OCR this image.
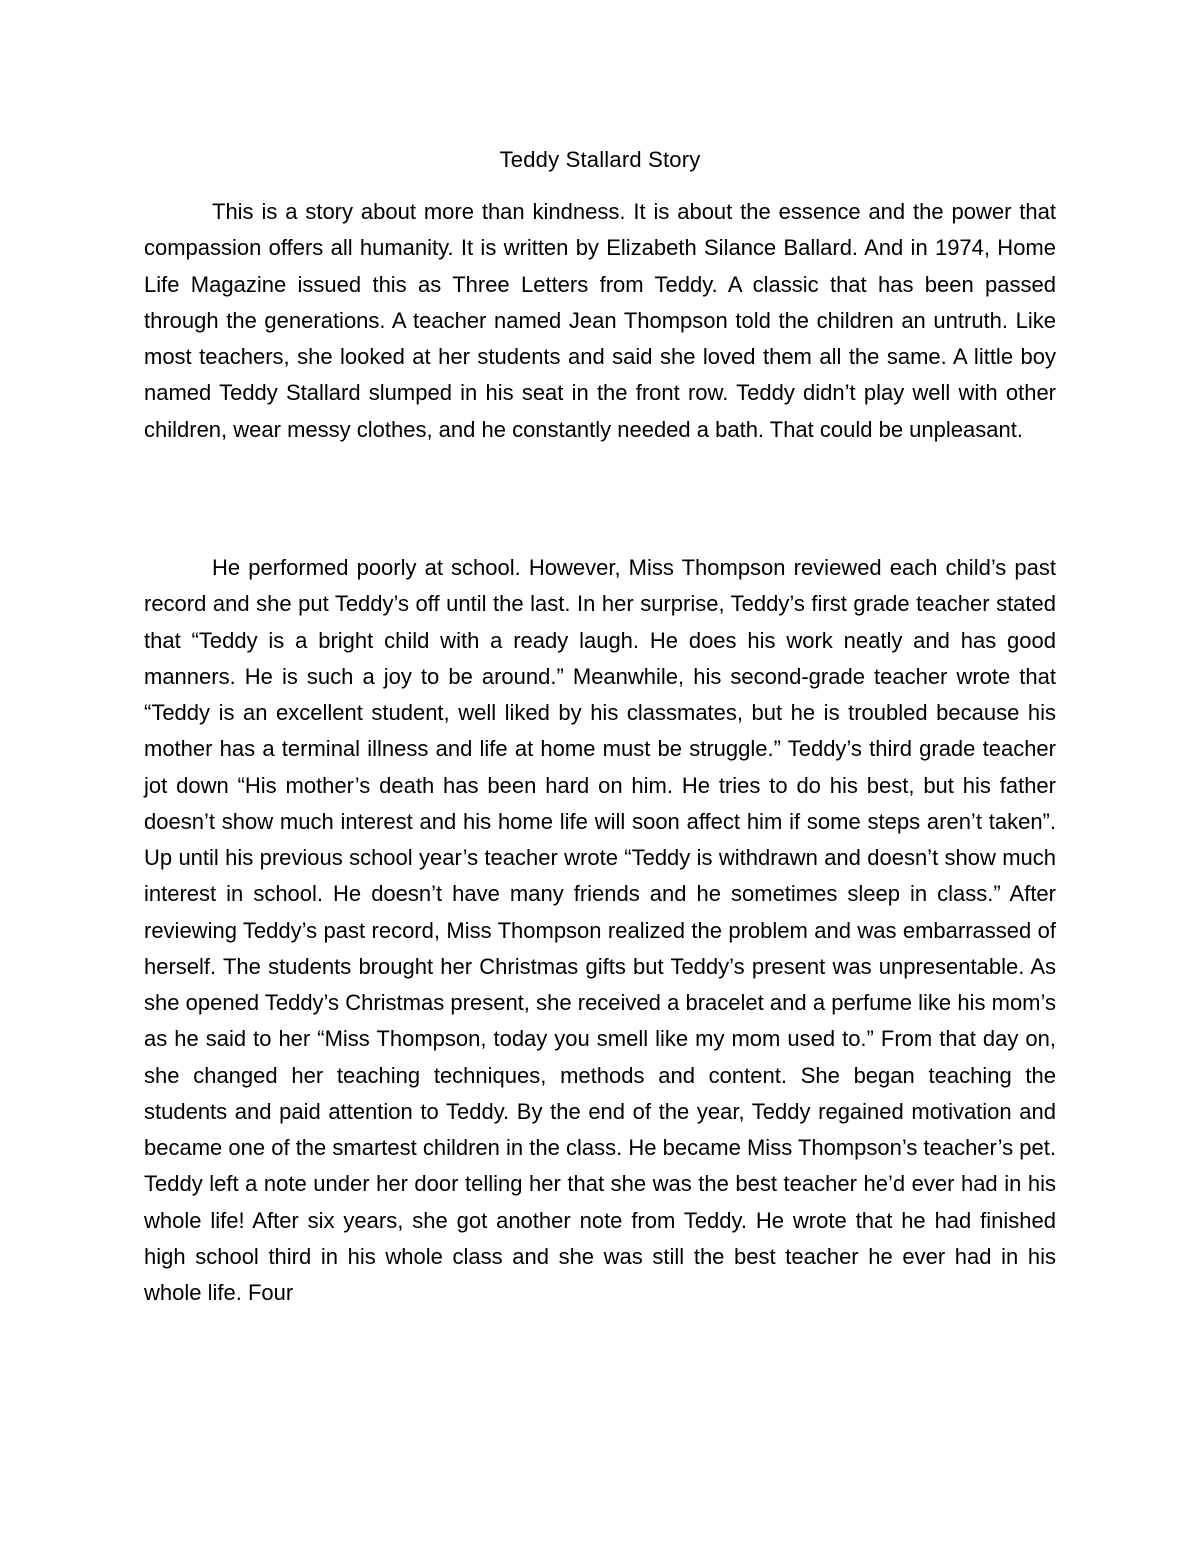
Teddy Stallard Story

This is a story about more than kindness. It is about the essence and the power that compassion offers all humanity. It is written by Elizabeth Silance Ballard. And in 1974, Home Life Magazine issued this as Three Letters from Teddy. A classic that has been passed through the generations. A teacher named Jean Thompson told the children an untruth. Like most teachers, she looked at her students and said she loved them all the same. A little boy named Teddy Stallard slumped in his seat in the front row. Teddy didn’t play well with other children, wear messy clothes, and he constantly needed a bath. That could be unpleasant.

He performed poorly at school. However, Miss Thompson reviewed each child’s past record and she put Teddy’s off until the last. In her surprise, Teddy’s first grade teacher stated that “Teddy is a bright child with a ready laugh. He does his work neatly and has good manners. He is such a joy to be around.” Meanwhile, his second-grade teacher wrote that “Teddy is an excellent student, well liked by his classmates, but he is troubled because his mother has a terminal illness and life at home must be struggle.” Teddy’s third grade teacher jot down “His mother’s death has been hard on him. He tries to do his best, but his father doesn’t show much interest and his home life will soon affect him if some steps aren’t taken”. Up until his previous school year’s teacher wrote “Teddy is withdrawn and doesn’t show much interest in school. He doesn’t have many friends and he sometimes sleep in class.” After reviewing Teddy’s past record, Miss Thompson realized the problem and was embarrassed of herself. The students brought her Christmas gifts but Teddy’s present was unpresentable. As she opened Teddy’s Christmas present, she received a bracelet and a perfume like his mom’s as he said to her “Miss Thompson, today you smell like my mom used to.” From that day on, she changed her teaching techniques, methods and content. She began teaching the students and paid attention to Teddy. By the end of the year, Teddy regained motivation and became one of the smartest children in the class. He became Miss Thompson’s teacher’s pet. Teddy left a note under her door telling her that she was the best teacher he’d ever had in his whole life! After six years, she got another note from Teddy. He wrote that he had finished high school third in his whole class and she was still the best teacher he ever had in his whole life. Four
